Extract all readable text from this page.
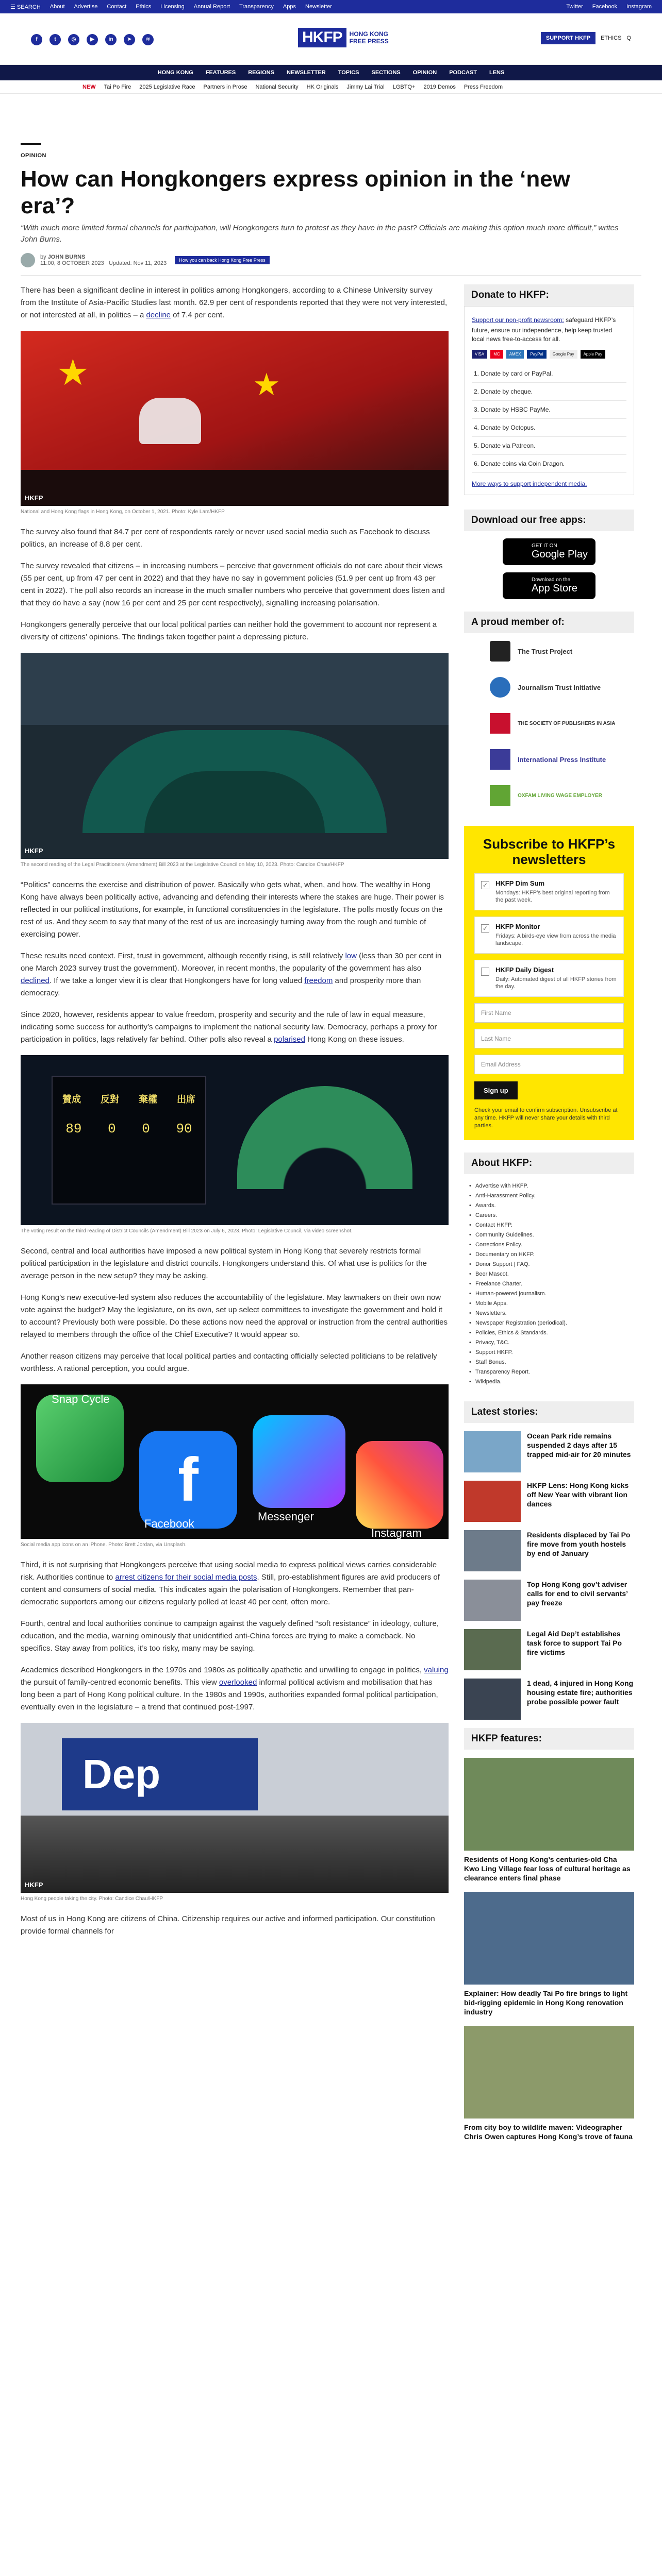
☰ SEARCH About Advertise Contact Ethics Licensing Annual Report Transparency Apps Newsletter	Twitter Facebook Instagram
f	t	◎	▶	in	➤	≋	HKFP	HONG KONG
FREE PRESS	SUPPORT HKFP	ETHICS Q
HONG KONG FEATURES REGIONS NEWSLETTER TOPICS SECTIONS OPINION PODCAST LENS
NEW Tai Po Fire 2025 Legislative Race Partners in Prose National Security HK Originals Jimmy Lai Trial LGBTQ+ 2019 Demos Press Freedom
OPINION
How can Hongkongers express opinion in the ‘new era’?

“With much more limited formal channels for participation, will Hongkongers turn to protest as they have in the past? Officials are making this option much more difficult,” writes John Burns.

by JOHN BURNS
11:00, 8 OCTOBER 2023 Updated: Nov 11, 2023	How you can back Hong Kong Free Press

There has been a significant decline in interest in politics among Hongkongers, according to a Chinese University survey from the Institute of Asia-Pacific Studies last month. 62.9 per cent of respondents reported that they were not very interested, or not interested at all, in politics – a decline of 7.4 per cent.

★	★
HKFP

National and Hong Kong flags in Hong Kong, on October 1, 2021. Photo: Kyle Lam/HKFP

The survey also found that 84.7 per cent of respondents rarely or never used social media such as Facebook to discuss politics, an increase of 8.8 per cent.

The survey revealed that citizens – in increasing numbers – perceive that government officials do not care about their views (55 per cent, up from 47 per cent in 2022) and that they have no say in government policies (51.9 per cent up from 43 per cent in 2022). The poll also records an increase in the much smaller numbers who perceive that government does listen and that they do have a say (now 16 per cent and 25 per cent respectively), signalling increasing polarisation.

Hongkongers generally perceive that our local political parties can neither hold the government to account nor represent a diversity of citizens’ opinions. The findings taken together paint a depressing picture.

HKFP

The second reading of the Legal Practitioners (Amendment) Bill 2023 at the Legislative Council on May 10, 2023. Photo: Candice Chau/HKFP

“Politics” concerns the exercise and distribution of power. Basically who gets what, when, and how. The wealthy in Hong Kong have always been politically active, advancing and defending their interests where the stakes are huge. Their power is reflected in our political institutions, for example, in functional constituencies in the legislature. The polls mostly focus on the rest of us. And they seem to say that many of the rest of us are increasingly turning away from the rough and tumble of exercising power.

These results need context. First, trust in government, although recently rising, is still relatively low (less than 30 per cent in one March 2023 survey trust the government). Moreover, in recent months, the popularity of the government has also declined. If we take a longer view it is clear that Hongkongers have for long valued freedom and prosperity more than democracy.

Since 2020, however, residents appear to value freedom, prosperity and security and the rule of law in equal measure, indicating some success for authority’s campaigns to implement the national security law. Democracy, perhaps a proxy for participation in politics, lags relatively far behind. Other polls also reveal a polarised Hong Kong on these issues.

贊成 反對 棄權 出席
89 0 0 90

The voting result on the third reading of District Councils (Amendment) Bill 2023 on July 6, 2023. Photo: Legislative Council, via video screenshot.

Second, central and local authorities have imposed a new political system in Hong Kong that severely restricts formal political participation in the legislature and district councils. Hongkongers understand this. Of what use is politics for the average person in the new setup? they may be asking.

Hong Kong’s new executive-led system also reduces the accountability of the legislature. May lawmakers on their own now vote against the budget? May the legislature, on its own, set up select committees to investigate the government and hold it to account? Previously both were possible. Do these actions now need the approval or instruction from the central authorities relayed to members through the office of the Chief Executive? It would appear so.

Another reason citizens may perceive that local political parties and contacting officially selected politicians to be relatively worthless. A rational perception, you could argue.

f
Snap Cycle
Facebook
Messenger
Instagram

Social media app icons on an iPhone. Photo: Brett Jordan, via Unsplash.

Third, it is not surprising that Hongkongers perceive that using social media to express political views carries considerable risk. Authorities continue to arrest citizens for their social media posts. Still, pro-establishment figures are avid producers of content and consumers of social media. This indicates again the polarisation of Hongkongers. Remember that pan-democratic supporters among our citizens regularly polled at least 40 per cent, often more.

Fourth, central and local authorities continue to campaign against the vaguely defined “soft resistance” in ideology, culture, education, and the media, warning ominously that unidentified anti-China forces are trying to make a comeback. No specifics. Stay away from politics, it’s too risky, many may be saying.

Academics described Hongkongers in the 1970s and 1980s as politically apathetic and unwilling to engage in politics, valuing the pursuit of family-centred economic benefits. This view overlooked informal political activism and mobilisation that has long been a part of Hong Kong political culture. In the 1980s and 1990s, authorities expanded formal political participation, eventually even in the legislature – a trend that continued post-1997.

Dep
HKFP

Hong Kong people taking the city. Photo: Candice Chau/HKFP

Most of us in Hong Kong are citizens of China. Citizenship requires our active and informed participation. Our constitution provide formal channels for

Donate to HKFP:

Support our non-profit newsroom: safeguard HKFP’s future, ensure our independence, help keep trusted local news free-to-access for all.

VISA	MC	AMEX	PayPal	Google Pay	Apple Pay
1. Donate by card or PayPal.
2. Donate by cheque.
3. Donate by HSBC PayMe.
4. Donate by Octopus.
5. Donate via Patreon.
6. Donate coins via Coin Dragon.

More ways to support independent media.

Download our free apps:
GET IT ON
Google Play
Download on the
App Store
A proud member of:
The Trust Project
Journalism Trust Initiative
THE SOCIETY OF PUBLISHERS IN ASIA
International Press Institute
OXFAM LIVING WAGE EMPLOYER
Subscribe to HKFP’s newsletters
✓ HKFP Dim Sum
Mondays: HKFP’s best original reporting from the past week.
✓ HKFP Monitor
Fridays: A birds-eye view from across the media landscape.
HKFP Daily Digest
Daily: Automated digest of all HKFP stories from the day.
First Name
Last Name
Email Address
Sign up

Check your email to confirm subscription. Unsubscribe at any time. HKFP will never share your details with third parties.

About HKFP:
• Advertise with HKFP.
• Anti-Harassment Policy.
• Awards.
• Careers.
• Contact HKFP.
• Community Guidelines.
• Corrections Policy.
• Documentary on HKFP.
• Donor Support | FAQ.
• Beer Mascot.
• Freelance Charter.
• Human-powered journalism.
• Mobile Apps.
• Newsletters.
• Newspaper Registration (periodical).
• Policies, Ethics & Standards.
• Privacy, T&C.
• Support HKFP.
• Staff Bonus.
• Transparency Report.
• Wikipedia.
Latest stories:
Ocean Park ride remains suspended 2 days after 15 trapped mid-air for 20 minutes
HKFP Lens: Hong Kong kicks off New Year with vibrant lion dances
Residents displaced by Tai Po fire move from youth hostels by end of January
Top Hong Kong gov’t adviser calls for end to civil servants’ pay freeze
Legal Aid Dep’t establishes task force to support Tai Po fire victims
1 dead, 4 injured in Hong Kong housing estate fire; authorities probe possible power fault
HKFP features:
Residents of Hong Kong’s centuries-old Cha Kwo Ling Village fear loss of cultural heritage as clearance enters final phase
Explainer: How deadly Tai Po fire brings to light bid-rigging epidemic in Hong Kong renovation industry
From city boy to wildlife maven: Videographer Chris Owen captures Hong Kong’s trove of fauna
